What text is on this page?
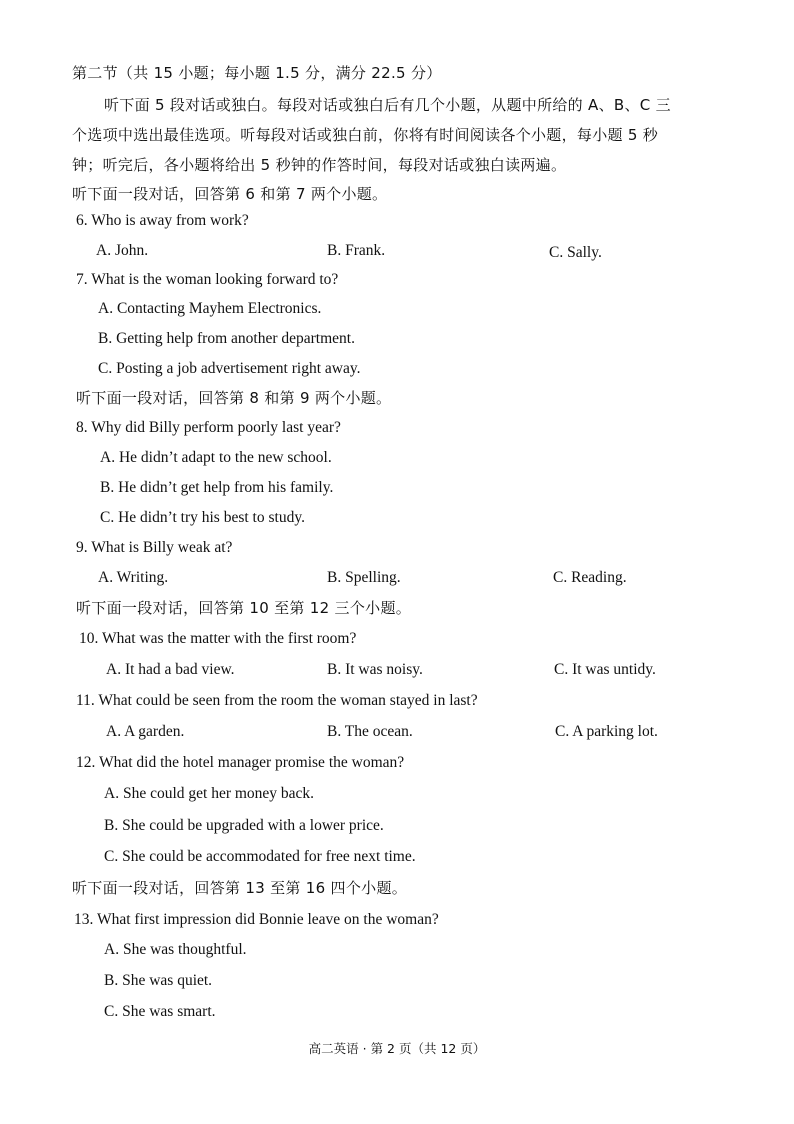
第二节（共 15 小题；每小题 1.5 分，满分 22.5 分）
听下面 5 段对话或独白。每段对话或独白后有几个小题，从题中所给的 A、B、C 三
个选项中选出最佳选项。听每段对话或独白前，你将有时间阅读各个小题，每小题 5 秒
钟；听完后，各小题将给出 5 秒钟的作答时间，每段对话或独白读两遍。
听下面一段对话，回答第 6 和第 7 两个小题。
6. Who is away from work?
A. John.	B. Frank.	C. Sally.
7. What is the woman looking forward to?
A. Contacting Mayhem Electronics.
B. Getting help from another department.
C. Posting a job advertisement right away.
听下面一段对话，回答第 8 和第 9 两个小题。
8. Why did Billy perform poorly last year?
A. He didn’t adapt to the new school.
B. He didn’t get help from his family.
C. He didn’t try his best to study.
9. What is Billy weak at?
A. Writing.	B. Spelling.	C. Reading.
听下面一段对话，回答第 10 至第 12 三个小题。
10. What was the matter with the first room?
A. It had a bad view.	B. It was noisy.	C. It was untidy.
11. What could be seen from the room the woman stayed in last?
A. A garden.	B. The ocean.	C. A parking lot.
12. What did the hotel manager promise the woman?
A. She could get her money back.
B. She could be upgraded with a lower price.
C. She could be accommodated for free next time.
听下面一段对话，回答第 13 至第 16 四个小题。
13. What first impression did Bonnie leave on the woman?
A. She was thoughtful.
B. She was quiet.
C. She was smart.
高二英语 · 第 2 页（共 12 页）
